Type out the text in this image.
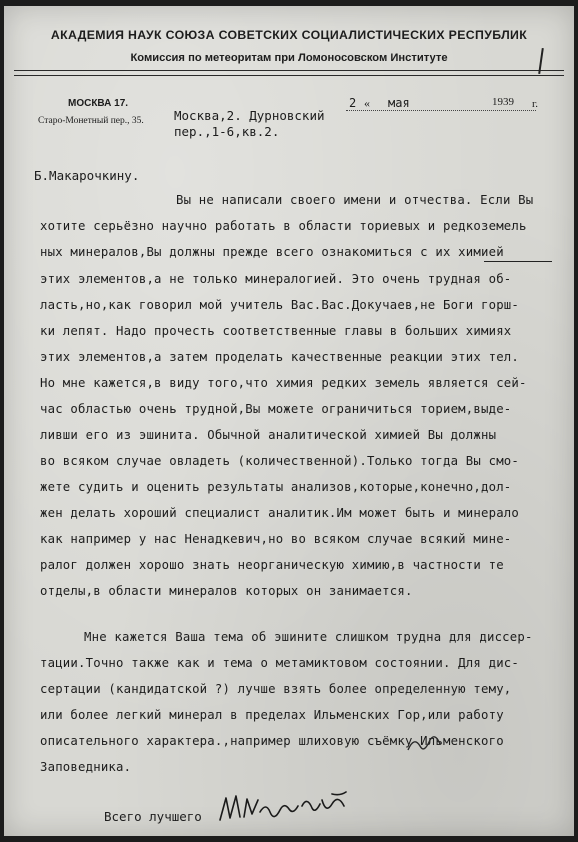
АКАДЕМИЯ НАУК СОЮЗА СОВЕТСКИХ СОЦИАЛИСТИЧЕСКИХ РЕСПУБЛИК
Комиссия по метеоритам при Ломоносовском Институте
МОСКВА 17.
Старо-Монетный пер., 35.
2 « мая	1939 г.
Москва,2. Дурновский
пер.,1-6,кв.2.
Б.Макарочкину.
Вы не написали своего имени и отчества. Если Вы
хотите серьёзно научно работать в области ториевых и редкоземель
ных минералов,Вы должны прежде всего ознакомиться с их химией
этих элементов,а не только минералогией. Это очень трудная об-
ласть,но,как говорил мой учитель Вас.Вас.Докучаев,не Боги горш-
ки лепят. Надо прочесть соответственные главы в больших химиях
этих элементов,а затем проделать качественные реакции этих тел.
Но мне кажется,в виду того,что химия редких земель является сей-
час областью очень трудной,Вы можете ограничиться торием,выде-
ливши его из эшинита. Обычной аналитической химией Вы должны
во всяком случае овладеть (количественной).Только тогда Вы смо-
жете судить и оценить результаты анализов,которые,конечно,дол-
жен делать хороший специалист аналитик.Им может быть и минерало
как например у нас Ненадкевич,но во всяком случае всякий мине-
ралог должен хорошо знать неорганическую химию,в частности те
отделы,в области минералов которых он занимается.
Мне кажется Ваша тема об эшините слишком трудна для диссер-
тации.Точно также как и тема о метамиктовом состоянии. Для дис-
сертации (кандидатской ?) лучше взять более определенную тему,
или более легкий минерал в пределах Ильменских Гор,или работу
описательного характера.,например шлиховую съёмку Ильменского
Заповедника.
Всего лучшего
